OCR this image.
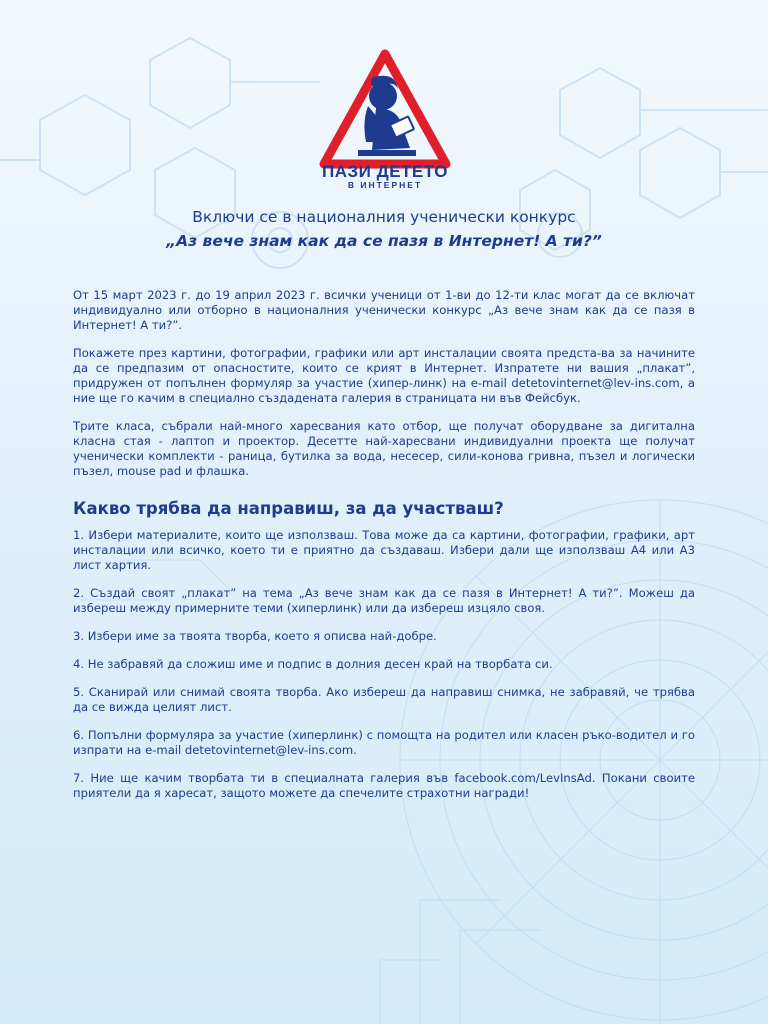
ПАЗИ ДЕТЕТО
В ИНТЕРНЕТ
Включи се в националния ученически конкурс
„Аз вече знам как да се пазя в Интернет! А ти?”

От 15 март 2023 г. до 19 април 2023 г. всички ученици от 1-ви до 12-ти клас могат да се включат индивидуално или отборно в националния ученически конкурс „Аз вече знам как да се пазя в Интернет! А ти?”.

Покажете през картини, фотографии, графики или арт инсталации своята предста-ва за начините да се предпазим от опасностите, които се крият в Интернет. Изпратете ни вашия „плакат”, придружен от попълнен формуляр за участие (хипер-линк) на e-mail detetovinternet@lev-ins.com, а ние ще го качим в специално създадената галерия в страницата ни във Фейсбук.

Трите класа, събрали най-много харесвания като отбор, ще получат оборудване за дигитална класна стая - лаптоп и проектор. Десетте най-харесвани индивидуални проекта ще получат ученически комплекти - раница, бутилка за вода, несесер, сили-конова гривна, пъзел и логически пъзел, mouse pad и флашка.

Какво трябва да направиш, за да участваш?

1. Избери материалите, които ще използваш. Това може да са картини, фотографии, графики, арт инсталации или всичко, което ти е приятно да създаваш. Избери дали ще използваш А4 или А3 лист хартия.

2. Създай своят „плакат” на тема „Аз вече знам как да се пазя в Интернет! А ти?”. Можеш да избереш между примерните теми (хиперлинк) или да избереш изцяло своя.

3. Избери име за твоята творба, което я описва най-добре.

4. Не забравяй да сложиш име и подпис в долния десен край на творбата си.

5. Сканирай или снимай своята творба. Ако избереш да направиш снимка, не забравяй, че трябва да се вижда целият лист.

6. Попълни формуляра за участие (хиперлинк) с помощта на родител или класен ръко-водител и го изпрати на e-mail detetovinternet@lev-ins.com.

7. Ние ще качим творбата ти в специалната галерия във facebook.com/LevInsAd. Покани своите приятели да я харесат, защото можете да спечелите страхотни награди!
